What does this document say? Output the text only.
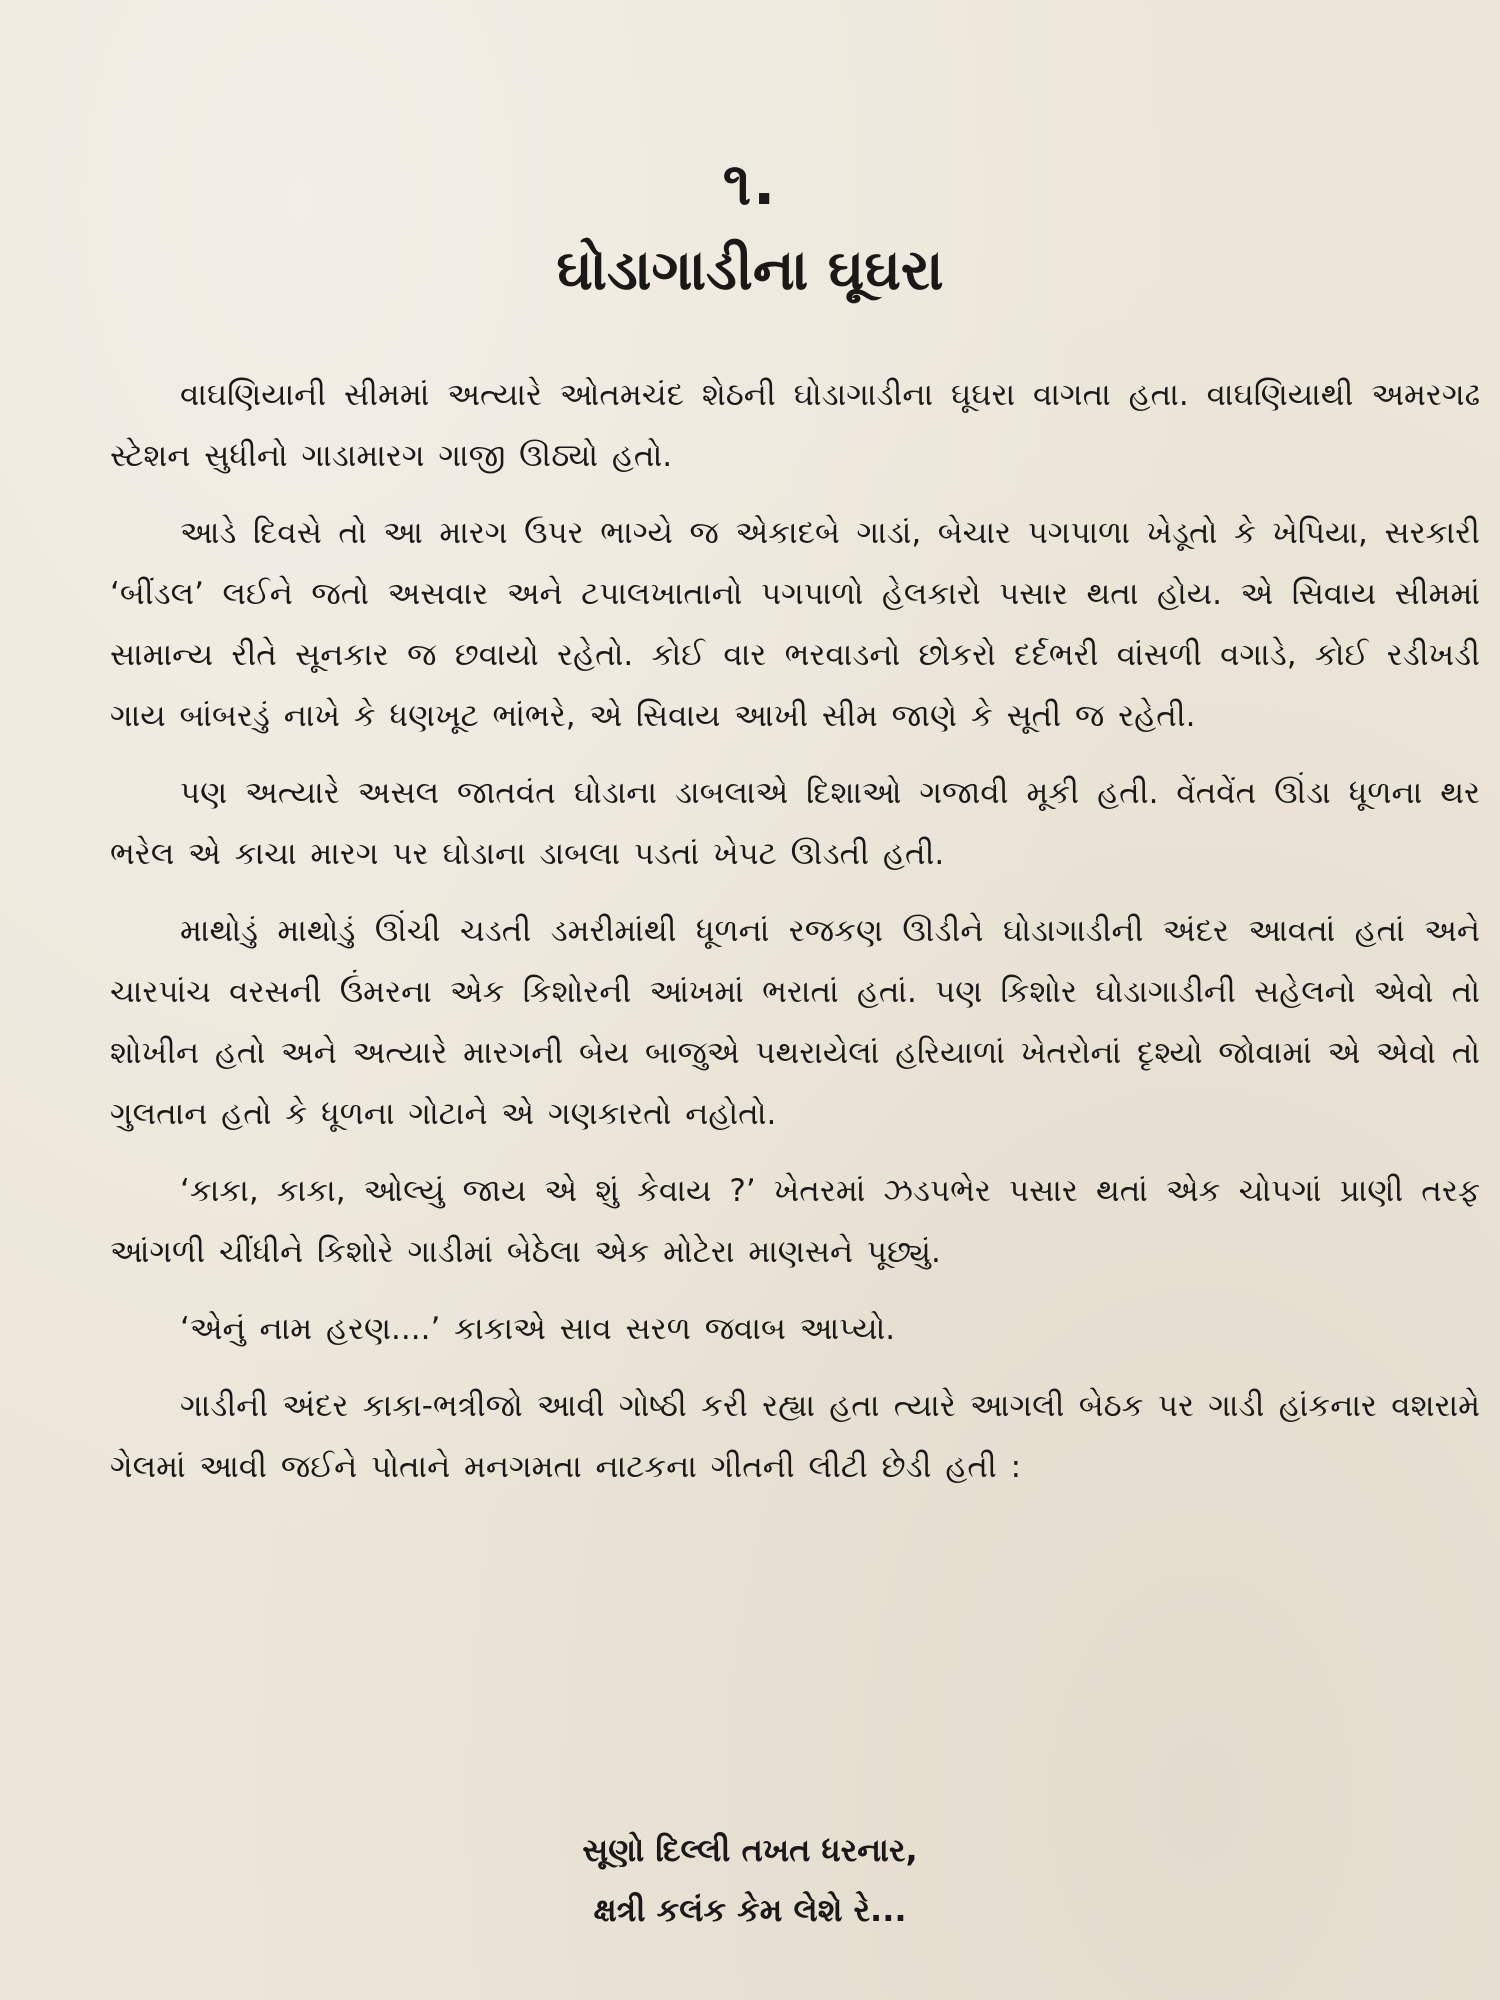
૧.
ઘોડાગાડીના ઘૂઘરા

વાઘણિયાની સીમમાં અત્યારે ઓતમચંદ શેઠની ઘોડાગાડીના ઘૂઘરા વાગતા હતા. વાઘણિયાથી અમરગઢ સ્ટેશન સુધીનો ગાડામારગ ગાજી ઊઠ્યો હતો.

આડે દિવસે તો આ મારગ ઉપર ભાગ્યે જ એકાદબે ગાડાં, બેચાર પગપાળા ખેડૂતો કે ખેપિયા, સરકારી ‘બીંડલ’ લઈને જતો અસવાર અને ટપાલખાતાનો પગપાળો હેલકારો પસાર થતા હોય. એ સિવાય સીમમાં સામાન્ય રીતે સૂનકાર જ છવાયો રહેતો. કોઈ વાર ભરવાડનો છોકરો દર્દભરી વાંસળી વગાડે, કોઈ રડીખડી ગાય બાંબરડું નાખે કે ધણખૂટ ભાંભરે, એ સિવાય આખી સીમ જાણે કે સૂતી જ રહેતી.

પણ અત્યારે અસલ જાતવંત ઘોડાના ડાબલાએ દિશાઓ ગજાવી મૂકી હતી. વેંતવેંત ઊંડા ધૂળના થર ભરેલ એ કાચા મારગ પર ઘોડાના ડાબલા પડતાં ખેપટ ઊડતી હતી.

માથોડું માથોડું ઊંચી ચડતી ડમરીમાંથી ધૂળનાં રજકણ ઊડીને ઘોડાગાડીની અંદર આવતાં હતાં અને ચારપાંચ વરસની ઉંમરના એક કિશોરની આંખમાં ભરાતાં હતાં. પણ કિશોર ઘોડાગાડીની સહેલનો એવો તો શોખીન હતો અને અત્યારે મારગની બેય બાજુએ પથરાયેલાં હરિયાળાં ખેતરોનાં દૃશ્યો જોવામાં એ એવો તો ગુલતાન હતો કે ધૂળના ગોટાને એ ગણકારતો નહોતો.

‘કાકા, કાકા, ઓલ્યું જાય એ શું કેવાય ?’ ખેતરમાં ઝડપભેર પસાર થતાં એક ચોપગાં પ્રાણી તરફ આંગળી ચીંધીને કિશોરે ગાડીમાં બેઠેલા એક મોટેરા માણસને પૂછ્યું.

‘એનું નામ હરણ....’ કાકાએ સાવ સરળ જવાબ આપ્યો.

ગાડીની અંદર કાકા-ભત્રીજો આવી ગોષ્ઠી કરી રહ્યા હતા ત્યારે આગલી બેઠક પર ગાડી હાંકનાર વશરામે ગેલમાં આવી જઈને પોતાને મનગમતા નાટકના ગીતની લીટી છેડી હતી :

સૂણો દિલ્લી તખત ધરનાર,
ક્ષત્રી કલંક કેમ લેશે રે...
